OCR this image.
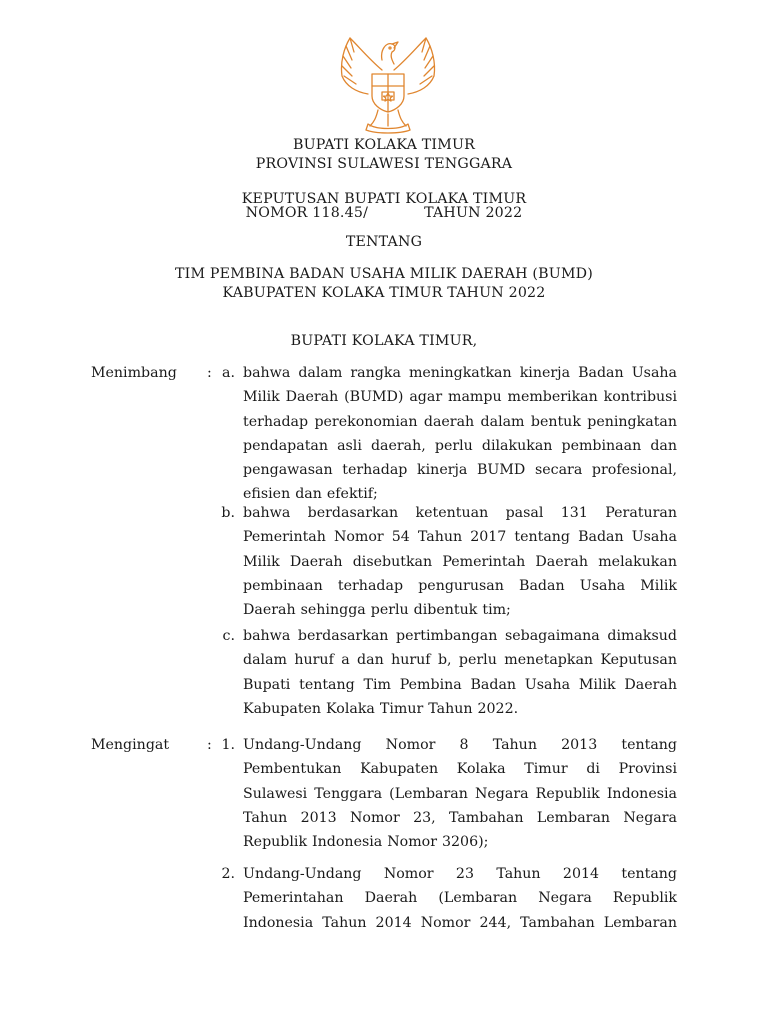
BUPATI KOLAKA TIMUR
PROVINSI SULAWESI TENGGARA
KEPUTUSAN BUPATI KOLAKA TIMUR
NOMOR 118.45/	TAHUN 2022
TENTANG
TIM PEMBINA BADAN USAHA MILIK DAERAH (BUMD)
KABUPATEN KOLAKA TIMUR TAHUN 2022
BUPATI KOLAKA TIMUR,
Menimbang : a. bahwa dalam rangka meningkatkan kinerja Badan Usaha Milik Daerah (BUMD) agar mampu memberikan kontribusi terhadap perekonomian daerah dalam bentuk peningkatan pendapatan asli daerah, perlu dilakukan pembinaan dan pengawasan terhadap kinerja BUMD secara profesional, efisien dan efektif;
b. bahwa berdasarkan ketentuan pasal 131 Peraturan Pemerintah Nomor 54 Tahun 2017 tentang Badan Usaha Milik Daerah disebutkan Pemerintah Daerah melakukan pembinaan terhadap pengurusan Badan Usaha Milik Daerah sehingga perlu dibentuk tim;
c. bahwa berdasarkan pertimbangan sebagaimana dimaksud dalam huruf a dan huruf b, perlu menetapkan Keputusan Bupati tentang Tim Pembina Badan Usaha Milik Daerah Kabupaten Kolaka Timur Tahun 2022.
Mengingat	: 1. Undang-Undang Nomor 8 Tahun 2013 tentang Pembentukan Kabupaten Kolaka Timur di Provinsi Sulawesi Tenggara (Lembaran Negara Republik Indonesia Tahun 2013 Nomor 23, Tambahan Lembaran Negara Republik Indonesia Nomor 3206);
2. Undang-Undang Nomor 23 Tahun 2014 tentang Pemerintahan Daerah (Lembaran Negara Republik Indonesia Tahun 2014 Nomor 244, Tambahan Lembaran
